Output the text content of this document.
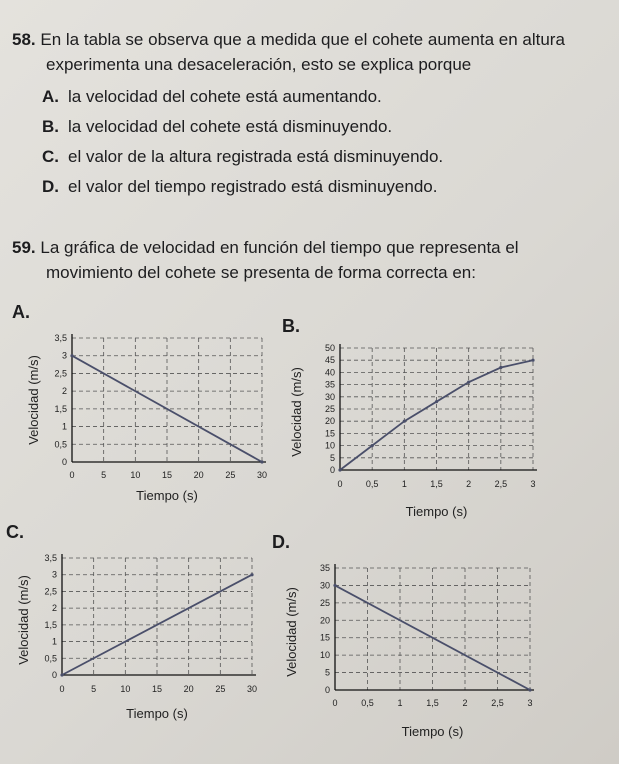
58. En la tabla se observa que a medida que el cohete aumenta en altura
experimenta una desaceleración, esto se explica porque
A. la velocidad del cohete está aumentando.
B. la velocidad del cohete está disminuyendo.
C. el valor de la altura registrada está disminuyendo.
D. el valor del tiempo registrado está disminuyendo.
59. La gráfica de velocidad en función del tiempo que representa el
movimiento del cohete se presenta de forma correcta en:
A.
B.
C.	D.
0
0,5
1
1,5
2
2,5
3
3,5
0	5	10 15 20 25 30
Tiempo (s)
Velocidad (m/s)
0
5
10
15
20
25
30
35
40
45
50
0	0,5	1	1,5	2	2,5	3
Tiempo (s)
Velocidad (m/s)
0
0,5
1
1,5
2
2,5
3
3,5
0	5	10 15 20 25 30
Tiempo (s)
Velocidad (m/s)
0
5
10
15
20
25
30
35
0	0,5	1	1,5	2	2,5	3
Tiempo (s)
Velocidad (m/s)
